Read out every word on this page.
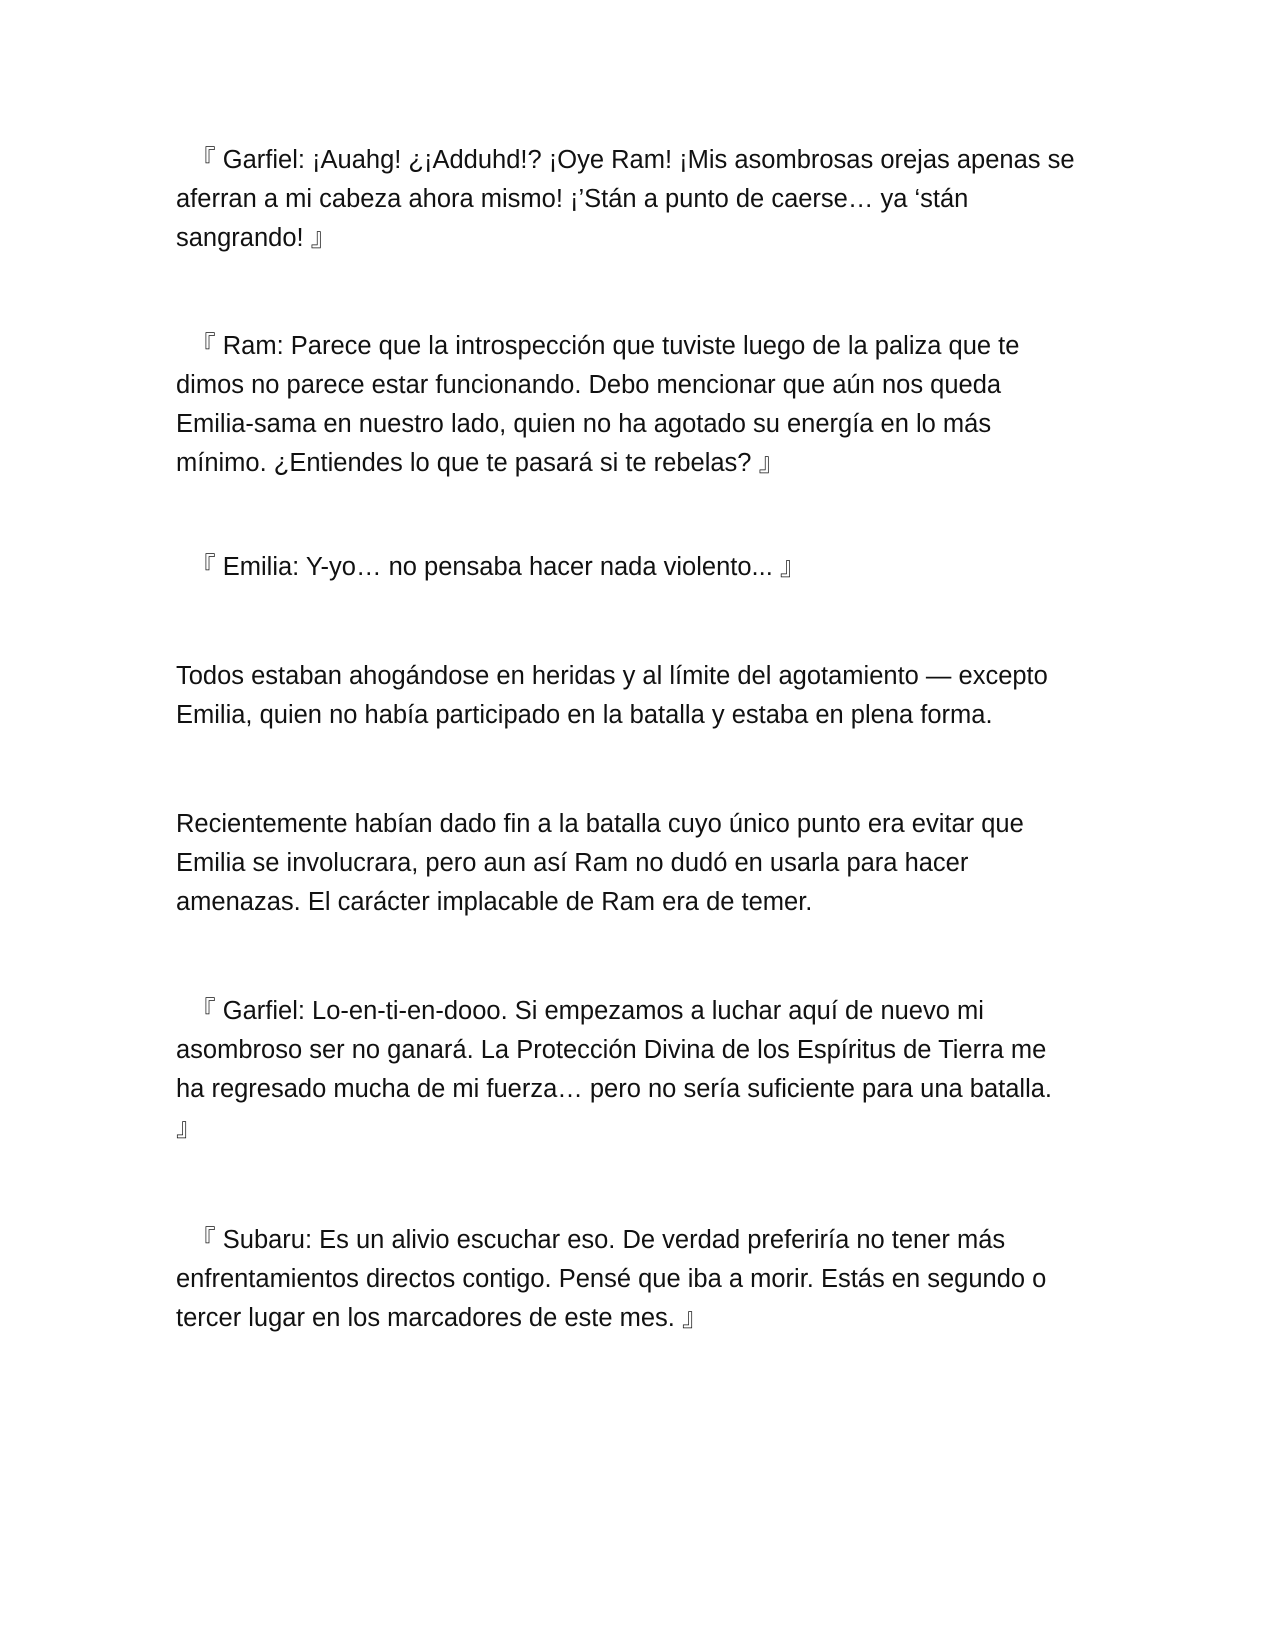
『 Garfiel: ¡Auahg! ¿¡Adduhd!? ¡Oye Ram! ¡Mis asombrosas orejas apenas se
aferran a mi cabeza ahora mismo! ¡’Stán a punto de caerse… ya ‘stán
sangrando! 』

『 Ram: Parece que la introspección que tuviste luego de la paliza que te
dimos no parece estar funcionando. Debo mencionar que aún nos queda
Emilia-sama en nuestro lado, quien no ha agotado su energía en lo más
mínimo. ¿Entiendes lo que te pasará si te rebelas? 』

『 Emilia: Y-yo… no pensaba hacer nada violento... 』

Todos estaban ahogándose en heridas y al límite del agotamiento — excepto
Emilia, quien no había participado en la batalla y estaba en plena forma.

Recientemente habían dado fin a la batalla cuyo único punto era evitar que
Emilia se involucrara, pero aun así Ram no dudó en usarla para hacer
amenazas. El carácter implacable de Ram era de temer.

『 Garfiel: Lo-en-ti-en-dooo. Si empezamos a luchar aquí de nuevo mi
asombroso ser no ganará. La Protección Divina de los Espíritus de Tierra me
ha regresado mucha de mi fuerza… pero no sería suficiente para una batalla.
』

『 Subaru: Es un alivio escuchar eso. De verdad preferiría no tener más
enfrentamientos directos contigo. Pensé que iba a morir. Estás en segundo o
tercer lugar en los marcadores de este mes. 』
